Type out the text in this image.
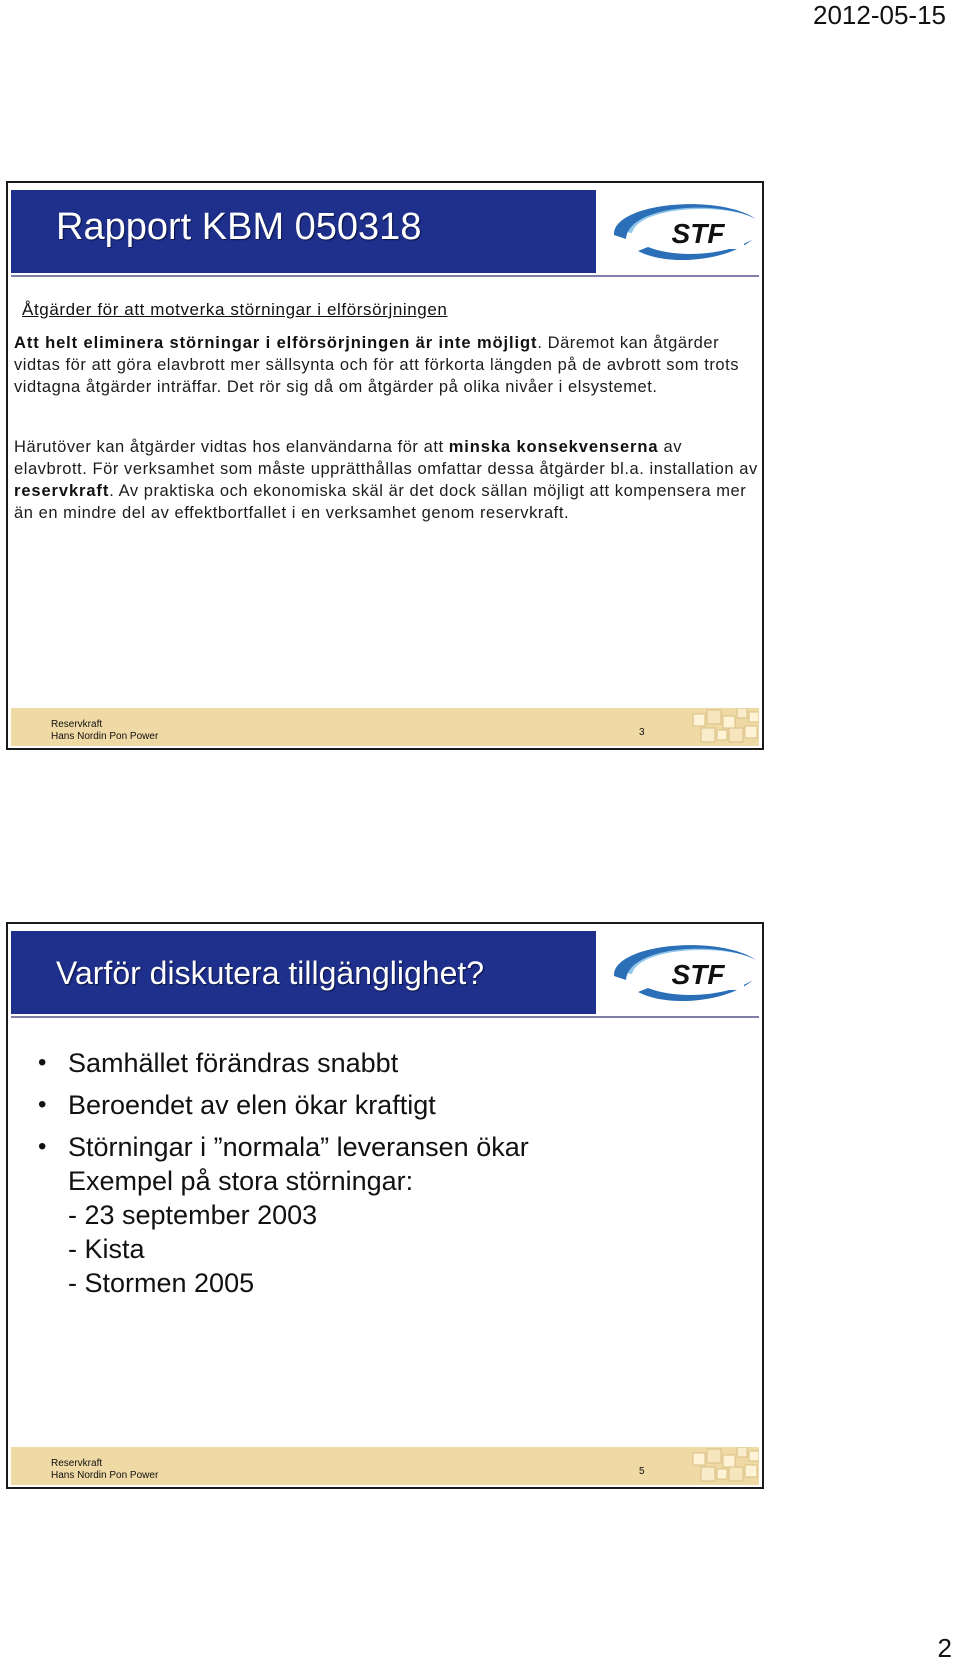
2012-05-15
Rapport KBM 050318	STF
Åtgärder för att motverka störningar i elförsörjningen

Att helt eliminera störningar i elförsörjningen är inte möjligt. Däremot kan åtgärder vidtas för att göra elavbrott mer sällsynta och för att förkorta längden på de avbrott som trots vidtagna åtgärder inträffar. Det rör sig då om åtgärder på olika nivåer i elsystemet.

Härutöver kan åtgärder vidtas hos elanvändarna för att minska konsekvenserna av elavbrott. För verksamhet som måste upprätthållas omfattar dessa åtgärder bl.a. installation av reservkraft. Av praktiska och ekonomiska skäl är det dock sällan möjligt att kompensera mer än en mindre del av effektbortfallet i en verksamhet genom reservkraft.

Reservkraft
Hans Nordin Pon Power	3
Varför diskutera tillgänglighet?	STF
• Samhället förändras snabbt
• Beroendet av elen ökar kraftigt
• Störningar i ”normala” leveransen ökar
Exempel på stora störningar:
- 23 september 2003
- Kista
- Stormen 2005
Reservkraft
Hans Nordin Pon Power	5
2
